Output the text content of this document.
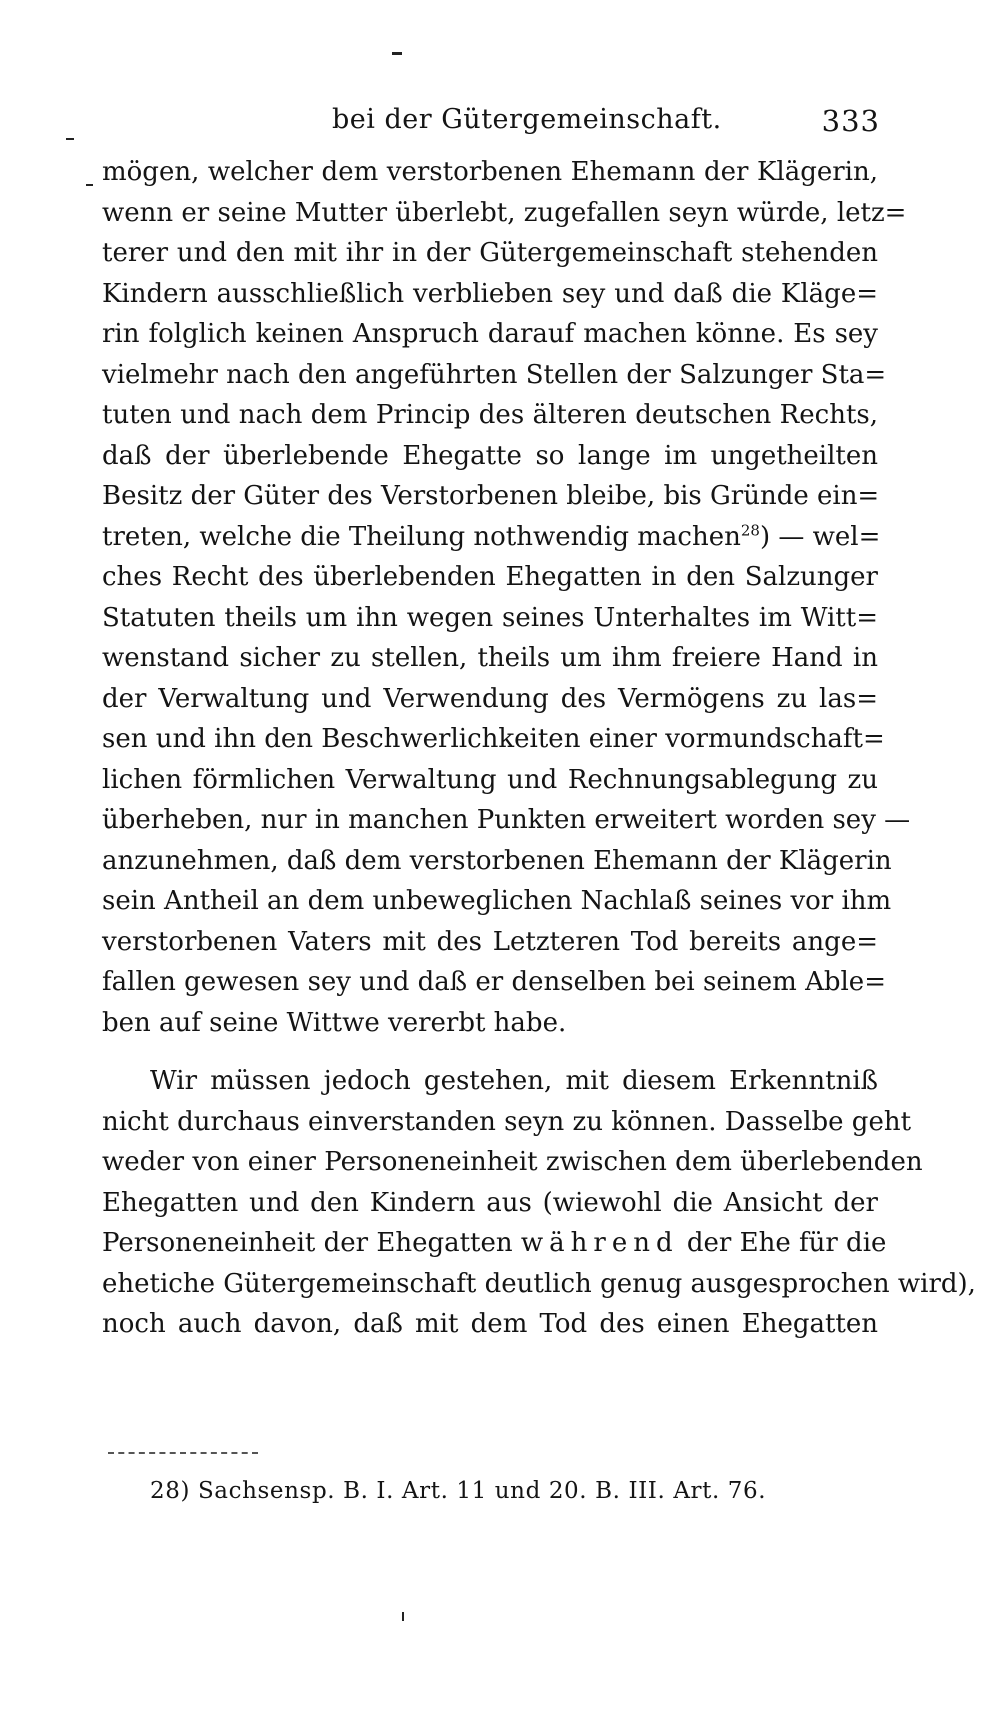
bei der Gütergemeinschaft.	333
mögen, welcher dem verstorbenen Ehemann der Klägerin,
wenn er seine Mutter überlebt, zugefallen seyn würde, letz=
terer und den mit ihr in der Gütergemeinschaft stehenden
Kindern ausschließlich verblieben sey und daß die Kläge=
rin folglich keinen Anspruch darauf machen könne. Es sey
vielmehr nach den angeführten Stellen der Salzunger Sta=
tuten und nach dem Princip des älteren deutschen Rechts,
daß der überlebende Ehegatte so lange im ungetheilten
Besitz der Güter des Verstorbenen bleibe, bis Gründe ein=
treten, welche die Theilung nothwendig machen$^{28}$) — wel=
ches Recht des überlebenden Ehegatten in den Salzunger
Statuten theils um ihn wegen seines Unterhaltes im Witt=
wenstand sicher zu stellen, theils um ihm freiere Hand in
der Verwaltung und Verwendung des Vermögens zu las=
sen und ihn den Beschwerlichkeiten einer vormundschaft=
lichen förmlichen Verwaltung und Rechnungsablegung zu
überheben, nur in manchen Punkten erweitert worden sey —
anzunehmen, daß dem verstorbenen Ehemann der Klägerin
sein Antheil an dem unbeweglichen Nachlaß seines vor ihm
verstorbenen Vaters mit des Letzteren Tod bereits ange=
fallen gewesen sey und daß er denselben bei seinem Able=
ben auf seine Wittwe vererbt habe.
Wir müssen jedoch gestehen, mit diesem Erkenntniß
nicht durchaus einverstanden seyn zu können. Dasselbe geht
weder von einer Personeneinheit zwischen dem überlebenden
Ehegatten und den Kindern aus (wiewohl die Ansicht der
Personeneinheit der Ehegatten während der Ehe für die
ehetiche Gütergemeinschaft deutlich genug ausgesprochen wird),
noch auch davon, daß mit dem Tod des einen Ehegatten
28) Sachsensp. B. I. Art. 11 und 20. B. III. Art. 76.
